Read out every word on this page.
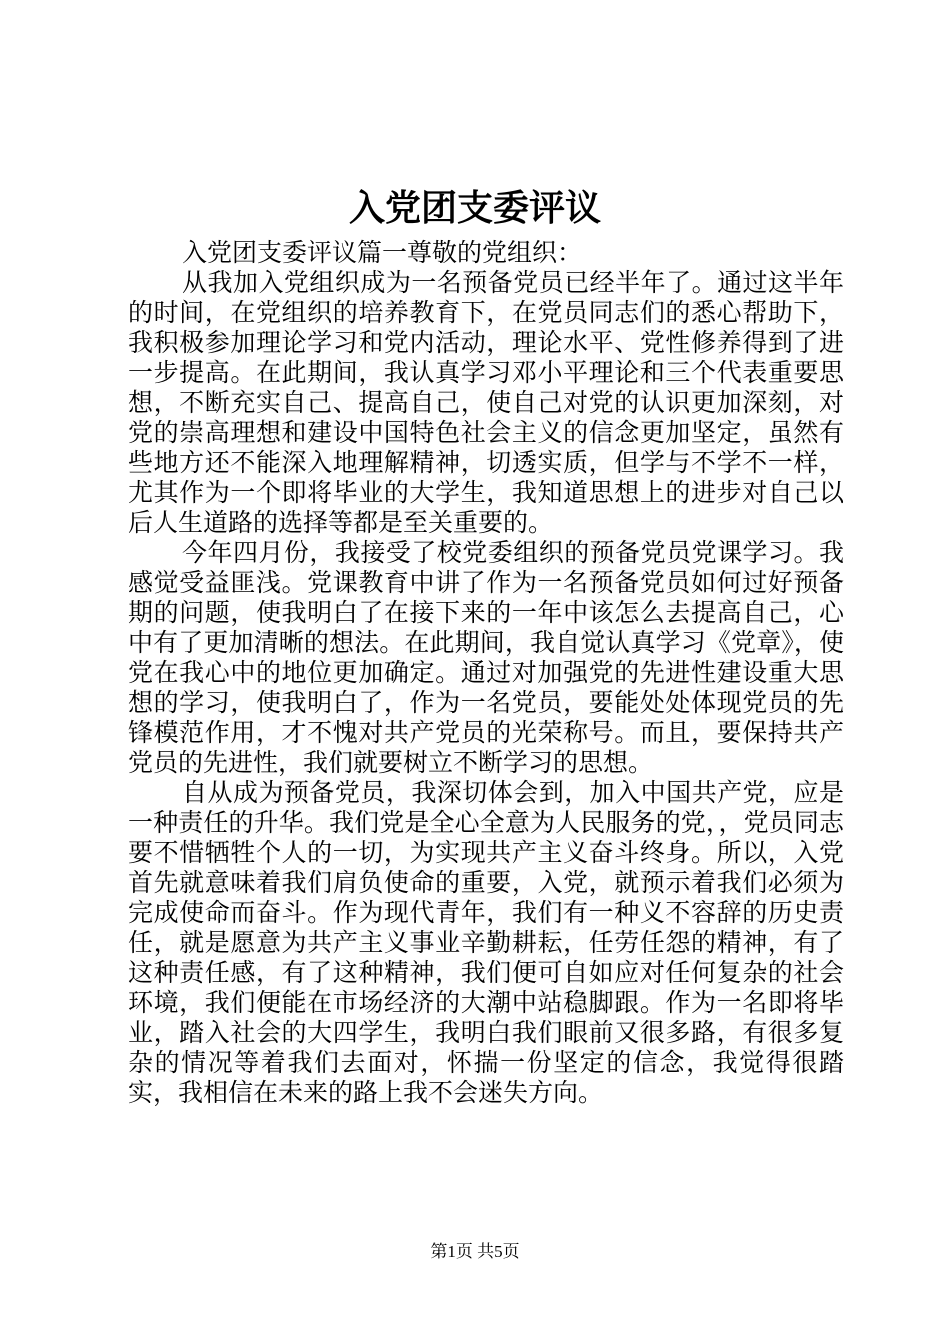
入党团支委评议

入党团支委评议篇一尊敬的党组织：

从我加入党组织成为一名预备党员已经半年了。通过这半年的时间，在党组织的培养教育下，在党员同志们的悉心帮助下，我积极参加理论学习和党内活动，理论水平、党性修养得到了进一步提高。在此期间，我认真学习邓小平理论和三个代表重要思想，不断充实自己、提高自己，使自己对党的认识更加深刻，对党的崇高理想和建设中国特色社会主义的信念更加坚定，虽然有些地方还不能深入地理解精神，切透实质，但学与不学不一样，尤其作为一个即将毕业的大学生，我知道思想上的进步对自己以后人生道路的选择等都是至关重要的。

今年四月份，我接受了校党委组织的预备党员党课学习。我感觉受益匪浅。党课教育中讲了作为一名预备党员如何过好预备期的问题，使我明白了在接下来的一年中该怎么去提高自己，心中有了更加清晰的想法。在此期间，我自觉认真学习《党章》，使党在我心中的地位更加确定。通过对加强党的先进性建设重大思想的学习，使我明白了，作为一名党员，要能处处体现党员的先锋模范作用，才不愧对共产党员的光荣称号。而且，要保持共产党员的先进性，我们就要树立不断学习的思想。

自从成为预备党员，我深切体会到，加入中国共产党，应是一种责任的升华。我们党是全心全意为人民服务的党，，党员同志要不惜牺牲个人的一切，为实现共产主义奋斗终身。所以，入党首先就意味着我们肩负使命的重要，入党，就预示着我们必须为完成使命而奋斗。作为现代青年，我们有一种义不容辞的历史责任，就是愿意为共产主义事业辛勤耕耘，任劳任怨的精神，有了这种责任感，有了这种精神，我们便可自如应对任何复杂的社会环境，我们便能在市场经济的大潮中站稳脚跟。作为一名即将毕业，踏入社会的大四学生，我明白我们眼前又很多路，有很多复杂的情况等着我们去面对，怀揣一份坚定的信念，我觉得很踏实，我相信在未来的路上我不会迷失方向。

第1页 共5页
